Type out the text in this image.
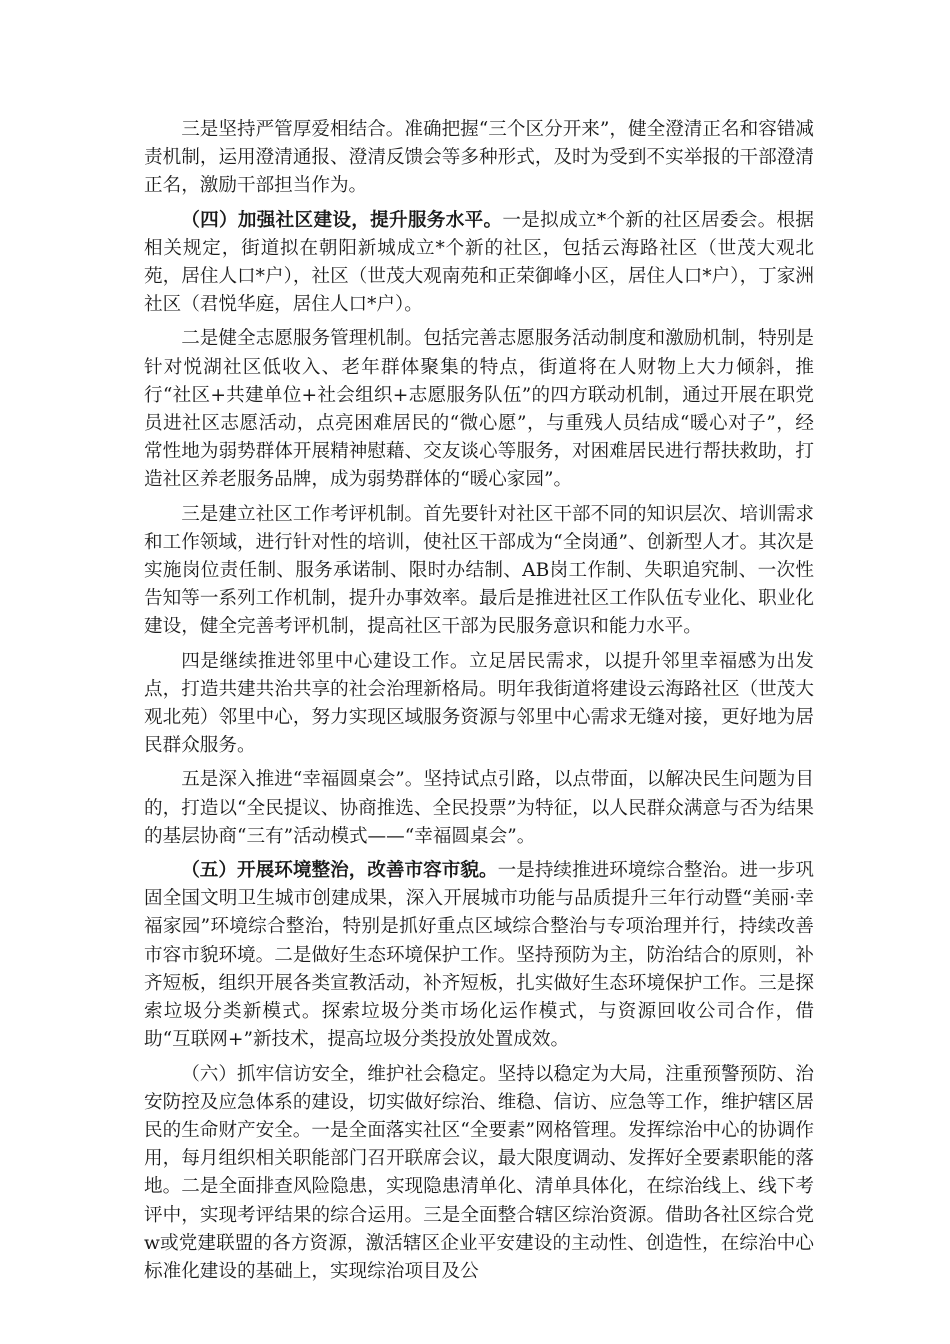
三是坚持严管厚爱相结合。准确把握“三个区分开来”，健全澄清正名和容错减责机制，运用澄清通报、澄清反馈会等多种形式，及时为受到不实举报的干部澄清正名，激励干部担当作为。

（四）加强社区建设，提升服务水平。一是拟成立*个新的社区居委会。根据相关规定，街道拟在朝阳新城成立*个新的社区，包括云海路社区（世茂大观北苑，居住人口*户），社区（世茂大观南苑和正荣御峰小区，居住人口*户），丁家洲社区（君悦华庭，居住人口*户）。

二是健全志愿服务管理机制。包括完善志愿服务活动制度和激励机制，特别是针对悦湖社区低收入、老年群体聚集的特点，街道将在人财物上大力倾斜，推行“社区+共建单位+社会组织+志愿服务队伍”的四方联动机制，通过开展在职党员进社区志愿活动，点亮困难居民的“微心愿”，与重残人员结成“暖心对子”，经常性地为弱势群体开展精神慰藉、交友谈心等服务，对困难居民进行帮扶救助，打造社区养老服务品牌，成为弱势群体的“暖心家园”。

三是建立社区工作考评机制。首先要针对社区干部不同的知识层次、培训需求和工作领域，进行针对性的培训，使社区干部成为“全岗通”、创新型人才。其次是实施岗位责任制、服务承诺制、限时办结制、AB岗工作制、失职追究制、一次性告知等一系列工作机制，提升办事效率。最后是推进社区工作队伍专业化、职业化建设，健全完善考评机制，提高社区干部为民服务意识和能力水平。

四是继续推进邻里中心建设工作。立足居民需求，以提升邻里幸福感为出发点，打造共建共治共享的社会治理新格局。明年我街道将建设云海路社区（世茂大观北苑）邻里中心，努力实现区域服务资源与邻里中心需求无缝对接，更好地为居民群众服务。

五是深入推进“幸福圆桌会”。坚持试点引路，以点带面，以解决民生问题为目的，打造以“全民提议、协商推选、全民投票”为特征，以人民群众满意与否为结果的基层协商“三有”活动模式——“幸福圆桌会”。

（五）开展环境整治，改善市容市貌。一是持续推进环境综合整治。进一步巩固全国文明卫生城市创建成果，深入开展城市功能与品质提升三年行动暨“美丽·幸福家园”环境综合整治，特别是抓好重点区域综合整治与专项治理并行，持续改善市容市貌环境。二是做好生态环境保护工作。坚持预防为主，防治结合的原则，补齐短板，组织开展各类宣教活动，补齐短板，扎实做好生态环境保护工作。三是探索垃圾分类新模式。探索垃圾分类市场化运作模式，与资源回收公司合作，借助“互联网+”新技术，提高垃圾分类投放处置成效。

（六）抓牢信访安全，维护社会稳定。坚持以稳定为大局，注重预警预防、治安防控及应急体系的建设，切实做好综治、维稳、信访、应急等工作，维护辖区居民的生命财产安全。一是全面落实社区“全要素”网格管理。发挥综治中心的协调作用，每月组织相关职能部门召开联席会议，最大限度调动、发挥好全要素职能的落地。二是全面排查风险隐患，实现隐患清单化、清单具体化，在综治线上、线下考评中，实现考评结果的综合运用。三是全面整合辖区综治资源。借助各社区综合党w或党建联盟的各方资源，激活辖区企业平安建设的主动性、创造性，在综治中心标准化建设的基础上，实现综治项目及公
